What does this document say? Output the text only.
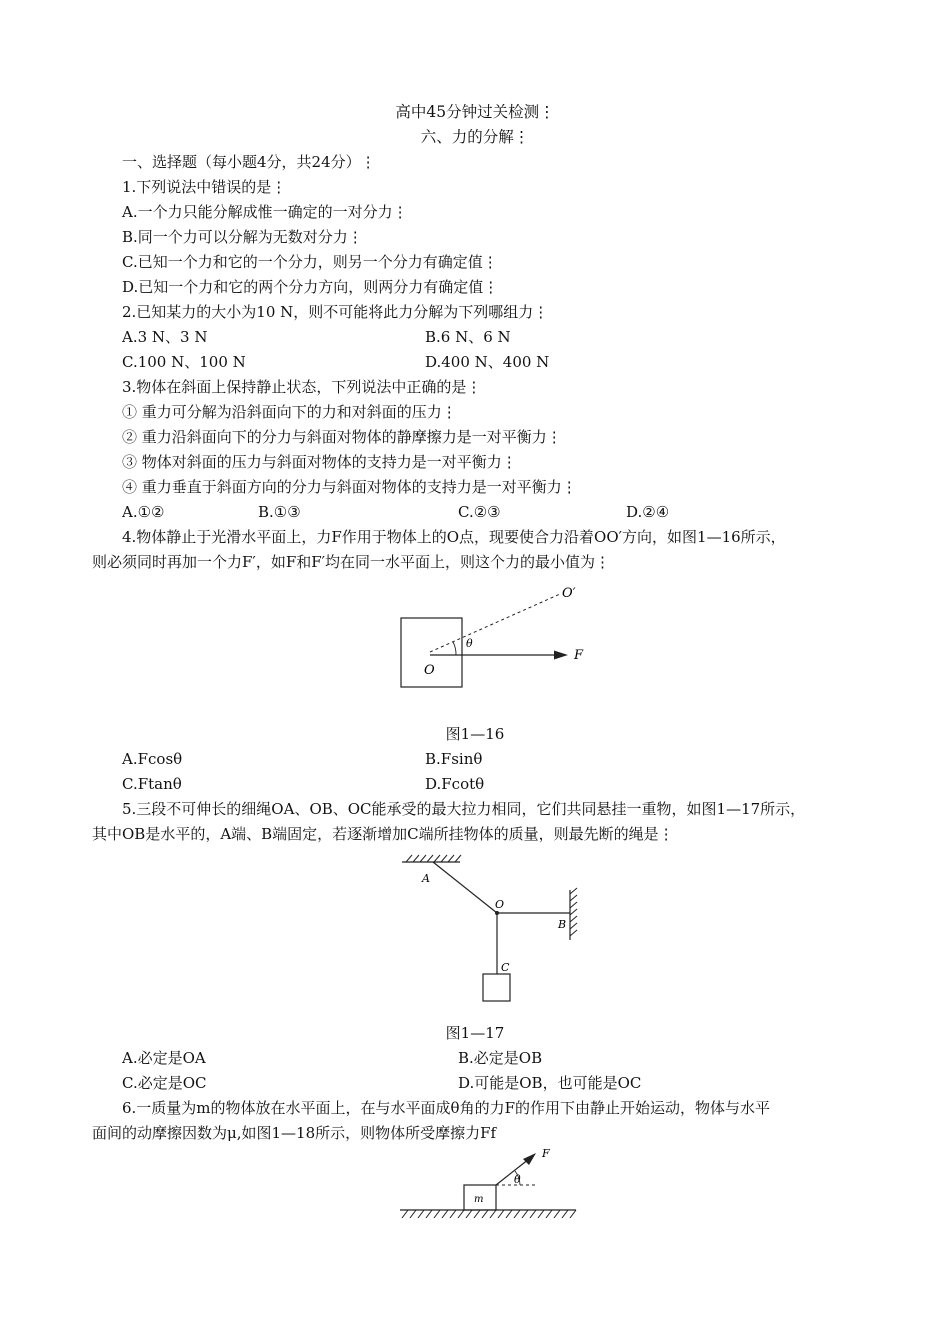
高中45分钟过关检测⋮
六、力的分解⋮
一、选择题（每小题4分，共24分）⋮
1.下列说法中错误的是⋮
A.一个力只能分解成惟一确定的一对分力⋮
B.同一个力可以分解为无数对分力⋮
C.已知一个力和它的一个分力，则另一个分力有确定值⋮
D.已知一个力和它的两个分力方向，则两分力有确定值⋮
2.已知某力的大小为10 N，则不可能将此力分解为下列哪组力⋮
A.3 N、3 N	B.6 N、6 N
C.100 N、100 N	D.400 N、400 N
3.物体在斜面上保持静止状态，下列说法中正确的是⋮
① 重力可分解为沿斜面向下的力和对斜面的压力⋮
② 重力沿斜面向下的分力与斜面对物体的静摩擦力是一对平衡力⋮
③ 物体对斜面的压力与斜面对物体的支持力是一对平衡力⋮
④ 重力垂直于斜面方向的分力与斜面对物体的支持力是一对平衡力⋮
A.①②	B.①③	C.②③	D.②④
4.物体静止于光滑水平面上，力F作用于物体上的O点，现要使合力沿着OO′方向，如图1—16所示，
则必须同时再加一个力F′，如F和F′均在同一水平面上，则这个力的最小值为⋮
O′
θ
O
F
图1—16
A.Fcosθ	B.Fsinθ
C.Ftanθ	D.Fcotθ
5.三段不可伸长的细绳OA、OB、OC能承受的最大拉力相同，它们共同悬挂一重物，如图1—17所示，
其中OB是水平的，A端、B端固定，若逐渐增加C端所挂物体的质量，则最先断的绳是⋮
A
O
B
C
图1—17
A.必定是OA	B.必定是OB
C.必定是OC	D.可能是OB，也可能是OC
6.一质量为m的物体放在水平面上，在与水平面成θ角的力F的作用下由静止开始运动，物体与水平
面间的动摩擦因数为μ,如图1—18所示，则物体所受摩擦力Ff
F
θ
m
